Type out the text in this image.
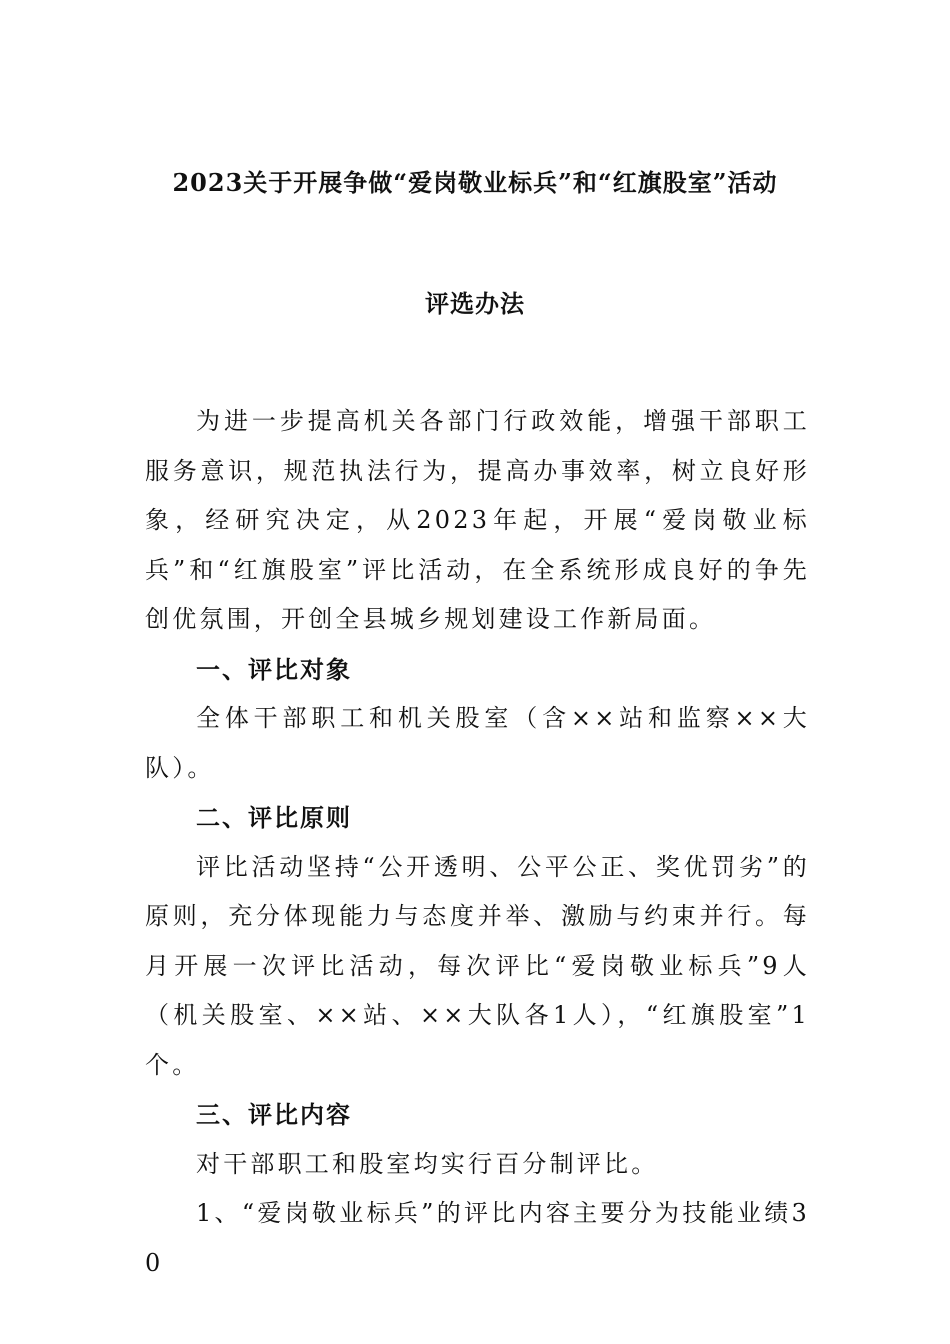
2023关于开展争做“爱岗敬业标兵”和“红旗股室”活动
评选办法

为进一步提高机关各部门行政效能，增强干部职工服务意识，规范执法行为，提高办事效率，树立良好形象，经研究决定，从2023年起，开展“爱岗敬业标兵”和“红旗股室”评比活动，在全系统形成良好的争先创优氛围，开创全县城乡规划建设工作新局面。

一、评比对象

全体干部职工和机关股室（含××站和监察××大队）。

二、评比原则

评比活动坚持“公开透明、公平公正、奖优罚劣”的原则，充分体现能力与态度并举、激励与约束并行。每月开展一次评比活动，每次评比“爱岗敬业标兵”9人（机关股室、××站、××大队各1人），“红旗股室”1个。

三、评比内容

对干部职工和股室均实行百分制评比。

1、“爱岗敬业标兵”的评比内容主要分为技能业绩30
